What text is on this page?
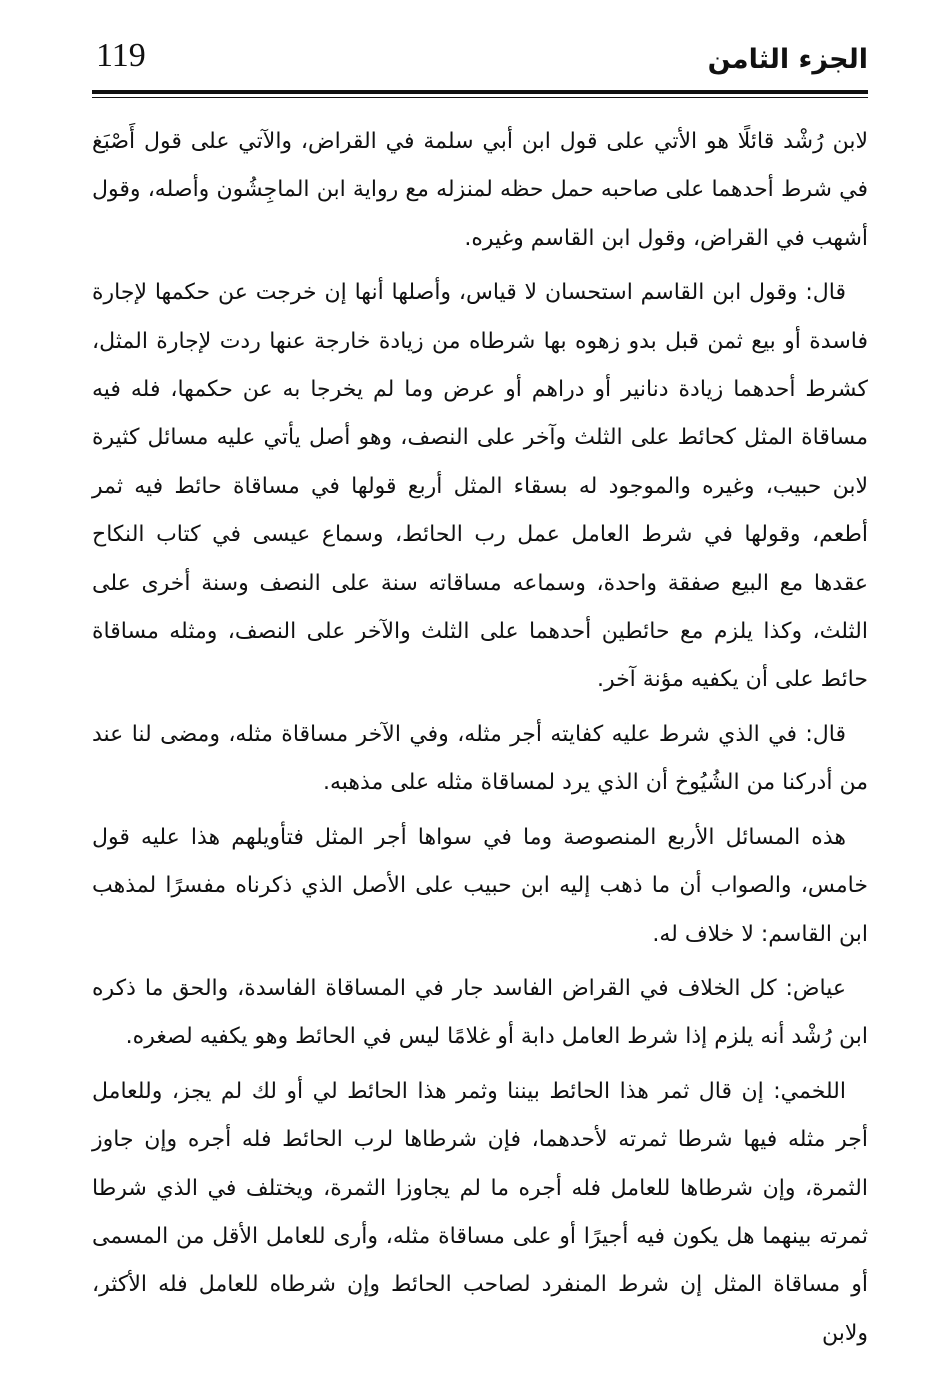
119	الجزء الثامن

لابن رُشْد قائلًا هو الأتي على قول ابن أبي سلمة في القراض، والآتي على قول أَصْبَغ في شرط أحدهما على صاحبه حمل حظه لمنزله مع رواية ابن الماجِشُون وأصله، وقول أشهب في القراض، وقول ابن القاسم وغيره.

قال: وقول ابن القاسم استحسان لا قياس، وأصلها أنها إن خرجت عن حكمها لإجارة فاسدة أو بيع ثمن قبل بدو زهوه بها شرطاه من زيادة خارجة عنها ردت لإجارة المثل، كشرط أحدهما زيادة دنانير أو دراهم أو عرض وما لم يخرجا به عن حكمها، فله فيه مساقاة المثل كحائط على الثلث وآخر على النصف، وهو أصل يأتي عليه مسائل كثيرة لابن حبيب، وغيره والموجود له بسقاء المثل أربع قولها في مساقاة حائط فيه ثمر أطعم، وقولها في شرط العامل عمل رب الحائط، وسماع عيسى في كتاب النكاح عقدها مع البيع صفقة واحدة، وسماعه مساقاته سنة على النصف وسنة أخرى على الثلث، وكذا يلزم مع حائطين أحدهما على الثلث والآخر على النصف، ومثله مساقاة حائط على أن يكفيه مؤنة آخر.

قال: في الذي شرط عليه كفايته أجر مثله، وفي الآخر مساقاة مثله، ومضى لنا عند من أدركنا من الشُيُوخ أن الذي يرد لمساقاة مثله على مذهبه.

هذه المسائل الأربع المنصوصة وما في سواها أجر المثل فتأويلهم هذا عليه قول خامس، والصواب أن ما ذهب إليه ابن حبيب على الأصل الذي ذكرناه مفسرًا لمذهب ابن القاسم: لا خلاف له.

عياض: كل الخلاف في القراض الفاسد جار في المساقاة الفاسدة، والحق ما ذكره ابن رُشْد أنه يلزم إذا شرط العامل دابة أو غلامًا ليس في الحائط وهو يكفيه لصغره.

اللخمي: إن قال ثمر هذا الحائط بيننا وثمر هذا الحائط لي أو لك لم يجز، وللعامل أجر مثله فيها شرطا ثمرته لأحدهما، فإن شرطاها لرب الحائط فله أجره وإن جاوز الثمرة، وإن شرطاها للعامل فله أجره ما لم يجاوزا الثمرة، ويختلف في الذي شرطا ثمرته بينهما هل يكون فيه أجيرًا أو على مساقاة مثله، وأرى للعامل الأقل من المسمى أو مساقاة المثل إن شرط المنفرد لصاحب الحائط وإن شرطاه للعامل فله الأكثر، ولابن
